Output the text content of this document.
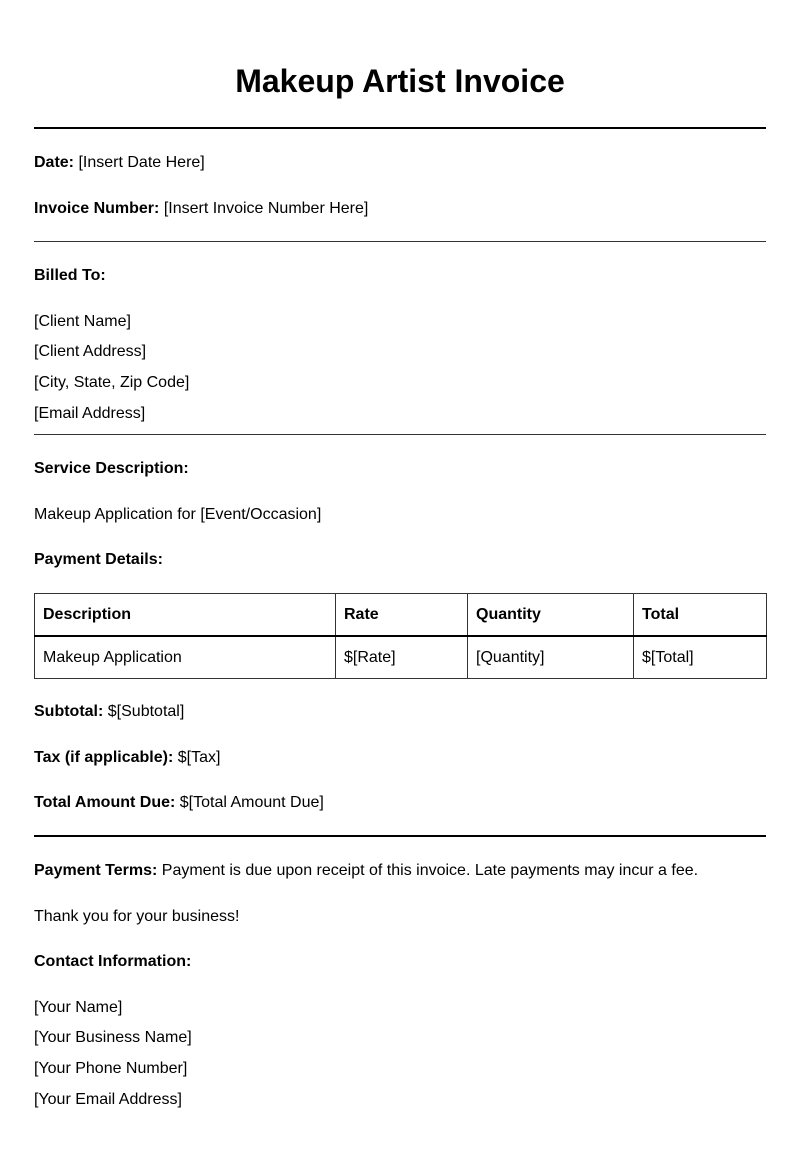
Makeup Artist Invoice
Date: [Insert Date Here]
Invoice Number: [Insert Invoice Number Here]
Billed To:
[Client Name]
[Client Address]
[City, State, Zip Code]
[Email Address]
Service Description:
Makeup Application for [Event/Occasion]
Payment Details:
Description	Rate	Quantity	Total
Makeup Application	$[Rate]	[Quantity]	$[Total]
Subtotal: $[Subtotal]
Tax (if applicable): $[Tax]
Total Amount Due: $[Total Amount Due]
Payment Terms: Payment is due upon receipt of this invoice. Late payments may incur a fee.
Thank you for your business!
Contact Information:
[Your Name]
[Your Business Name]
[Your Phone Number]
[Your Email Address]
